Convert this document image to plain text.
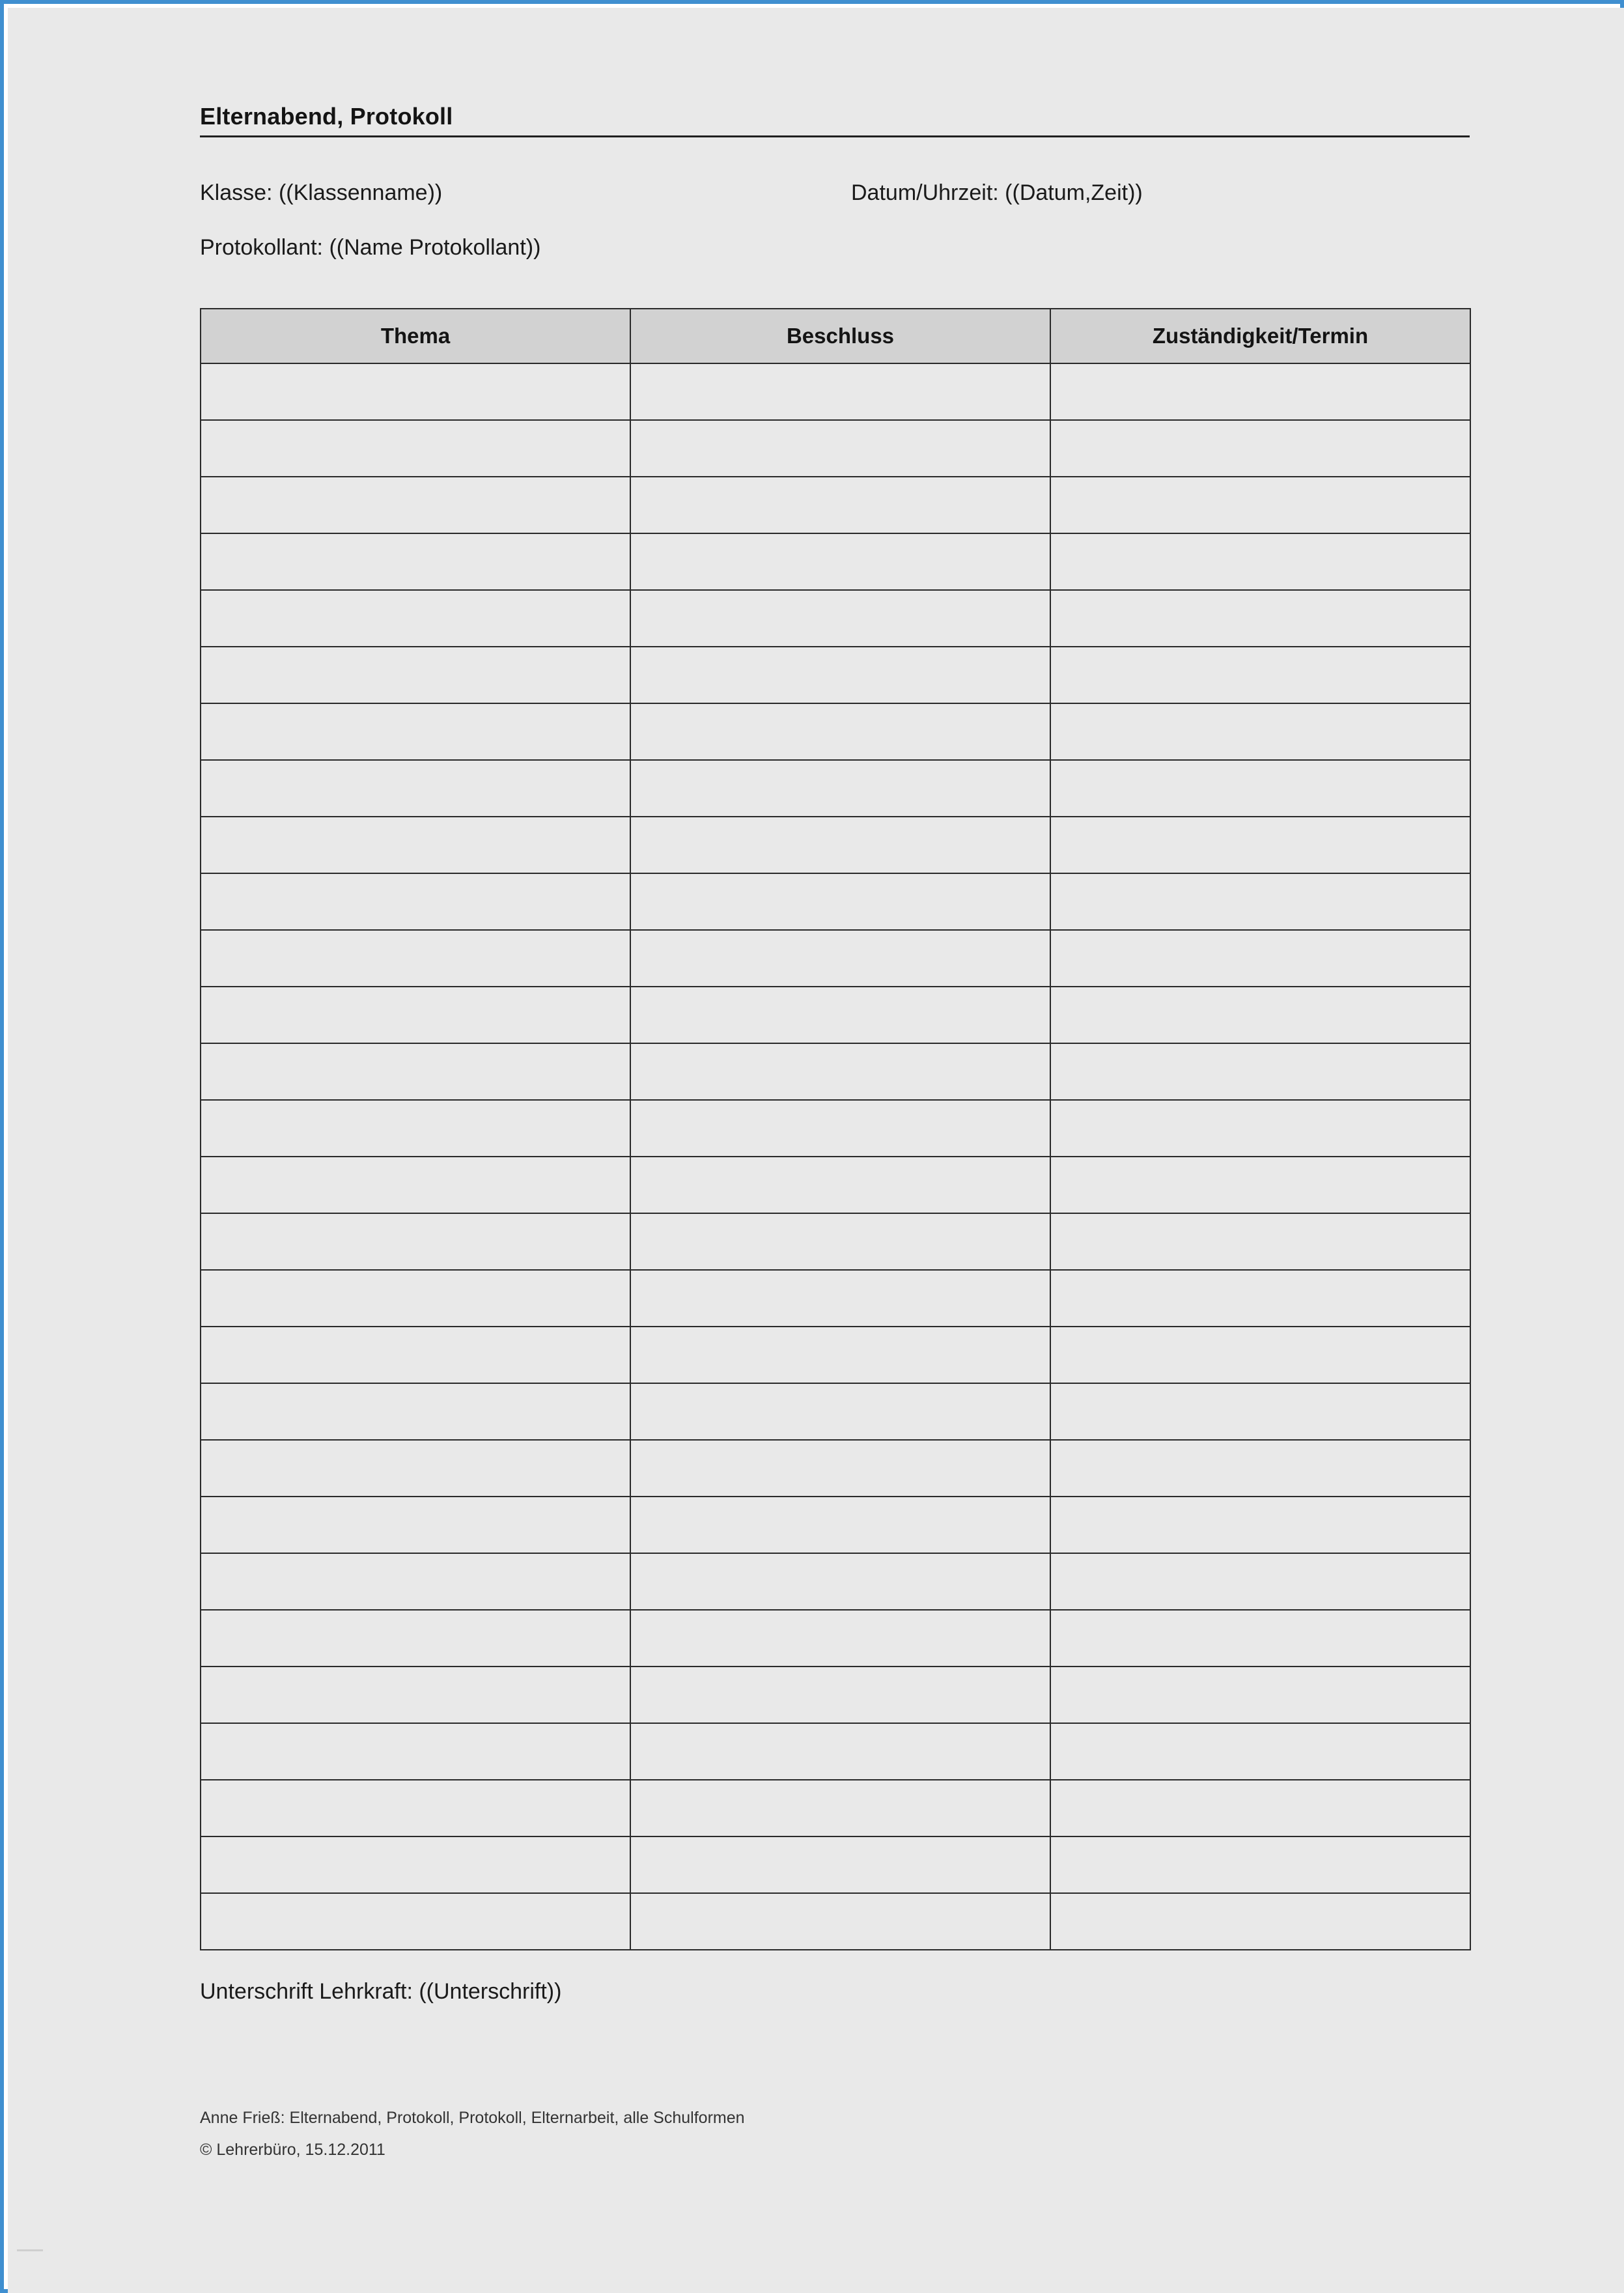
Elternabend, Protokoll
Klasse: ((Klassenname))	Datum/Uhrzeit: ((Datum,Zeit))
Protokollant: ((Name Protokollant))
Thema	Beschluss	Zuständigkeit/Termin

Unterschrift Lehrkraft: ((Unterschrift))
Anne Frieß: Elternabend, Protokoll, Protokoll, Elternarbeit, alle Schulformen
© Lehrerbüro, 15.12.2011
